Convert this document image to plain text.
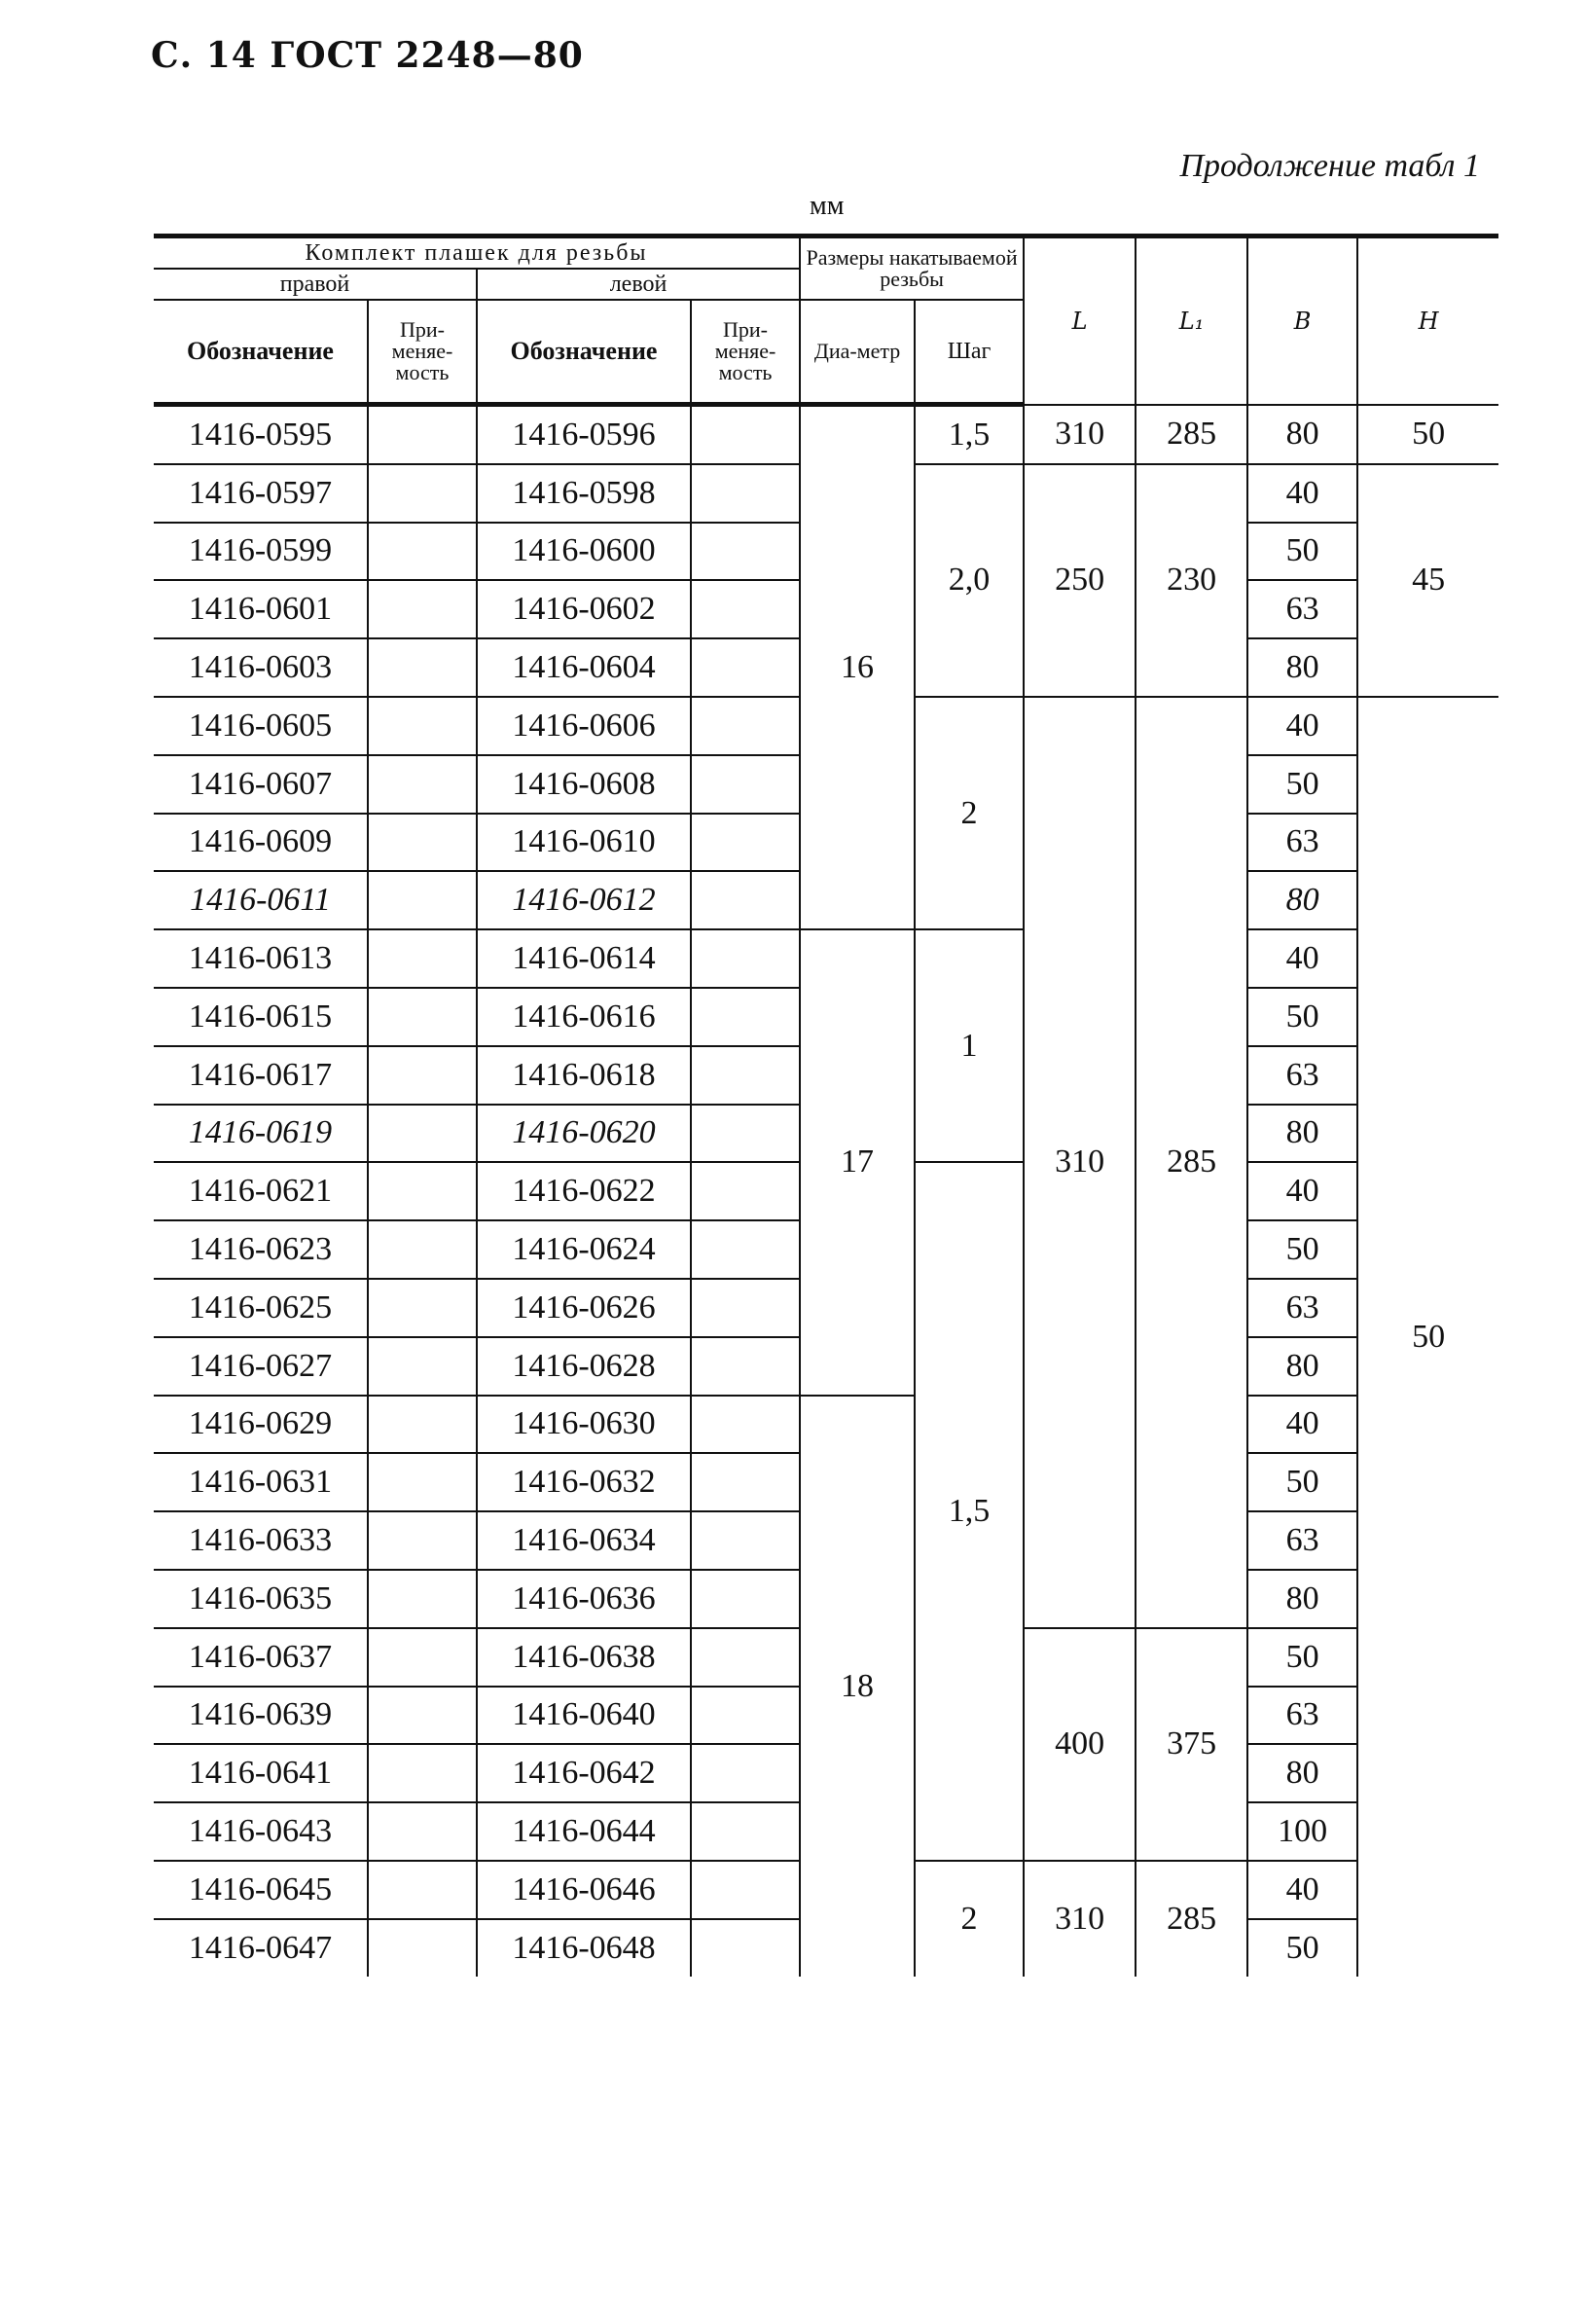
С. 14 ГОСТ 2248—80
Продолжение табл 1
мм
Комплект плашек для резьбы				Размеры накатываемой резьбы		L	L₁	B	H
правой		левой							
Обозначение	При-меняе-мость	Обозначение	При-меняе-мость	Диа-метр	Шаг				
1416-0595		1416-0596		16	1,5	310	285	80	50
1416-0597		1416-0598			2,0	250	230	40	45
1416-0599		1416-0600						50	
1416-0601		1416-0602						63	
1416-0603		1416-0604						80	
1416-0605		1416-0606			2	310	285	40	50
1416-0607		1416-0608						50	
1416-0609		1416-0610						63	
1416-0611		1416-0612						80	
1416-0613		1416-0614		17	1			40	
1416-0615		1416-0616						50	
1416-0617		1416-0618						63	
1416-0619		1416-0620						80	
1416-0621		1416-0622			1,5			40	
1416-0623		1416-0624						50	
1416-0625		1416-0626						63	
1416-0627		1416-0628						80	
1416-0629		1416-0630		18				40	
1416-0631		1416-0632						50	
1416-0633		1416-0634						63	
1416-0635		1416-0636						80	
1416-0637		1416-0638				400	375	50	
1416-0639		1416-0640						63	
1416-0641		1416-0642						80	
1416-0643		1416-0644						100	
1416-0645		1416-0646			2	310	285	40	
1416-0647		1416-0648						50	
